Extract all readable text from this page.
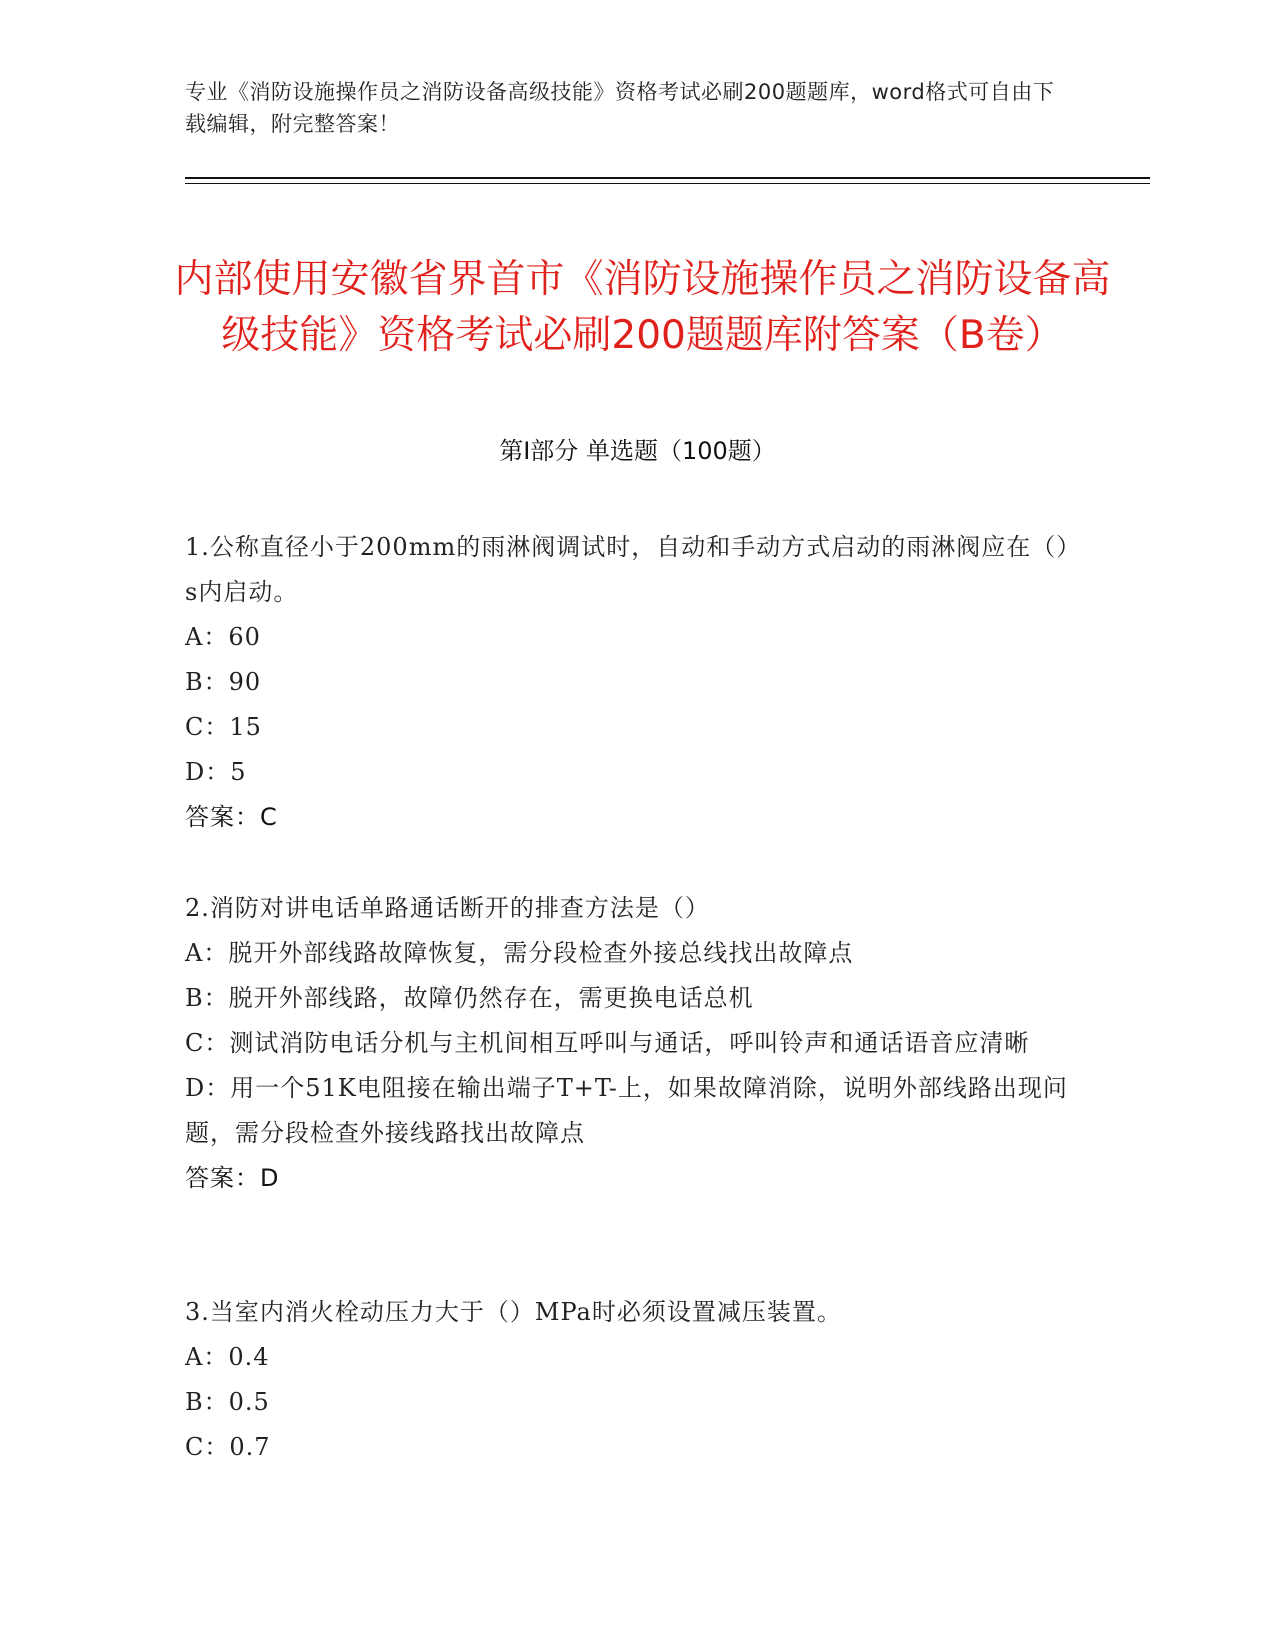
专业《消防设施操作员之消防设备高级技能》资格考试必刷200题题库，word格式可自由下载编辑，附完整答案！
内部使用安徽省界首市《消防设施操作员之消防设备高级技能》资格考试必刷200题题库附答案（B卷）
第Ⅰ部分 单选题（100题）
1.公称直径小于200mm的雨淋阀调试时，自动和手动方式启动的雨淋阀应在（）s内启动。
A：60
B：90
C：15
D：5
答案：C
2.消防对讲电话单路通话断开的排查方法是（）
A：脱开外部线路故障恢复，需分段检查外接总线找出故障点
B：脱开外部线路，故障仍然存在，需更换电话总机
C：测试消防电话分机与主机间相互呼叫与通话，呼叫铃声和通话语音应清晰
D：用一个51K电阻接在输出端子T+T-上，如果故障消除，说明外部线路出现问题，需分段检查外接线路找出故障点
答案：D
3.当室内消火栓动压力大于（）MPa时必须设置减压装置。
A：0.4
B：0.5
C：0.7
